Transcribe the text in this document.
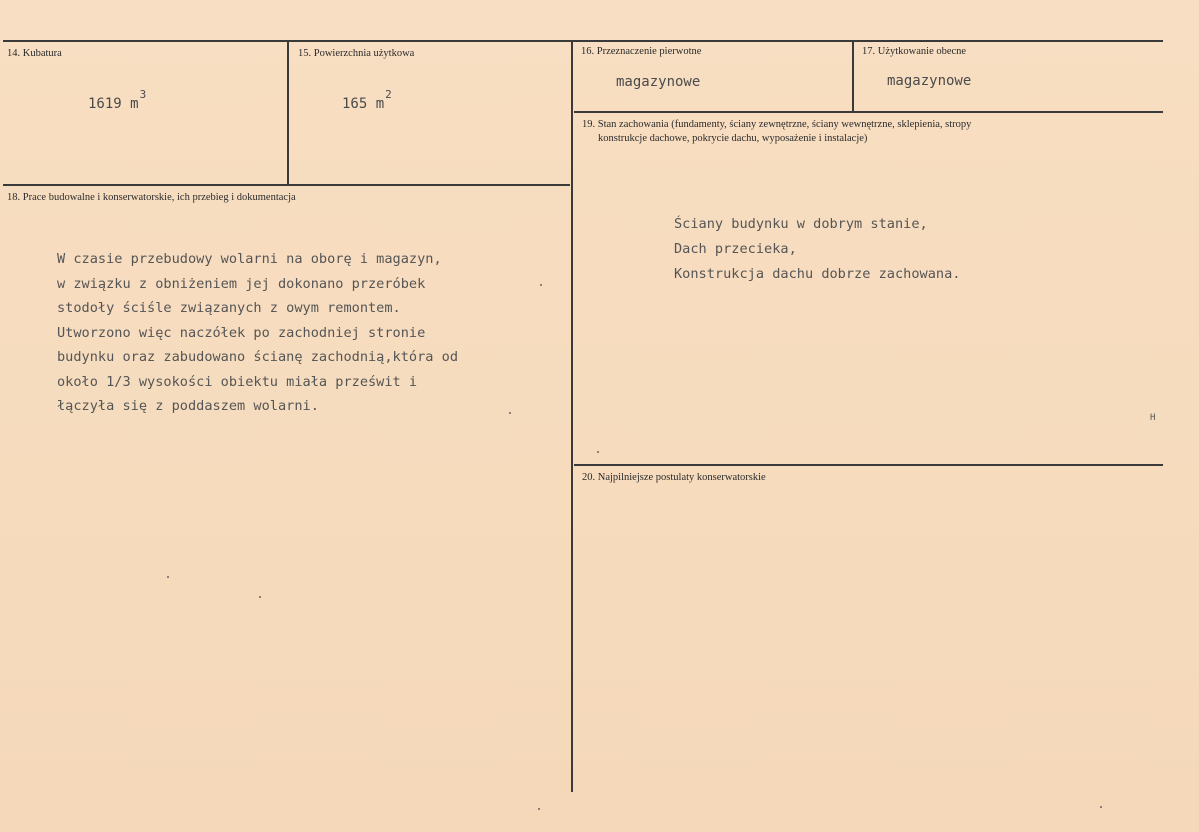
14. Kubatura
1619 $m^3$
15. Powierzchnia użytkowa
165 $m^2$
16. Przeznaczenie pierwotne
magazynowe
17. Użytkowanie obecne
magazynowe
18. Prace budowalne i konserwatorskie, ich przebieg i dokumentacja
W czasie przebudowy wolarni na oborę i magazyn,
w związku z obniżeniem jej dokonano przeróbek
stodoły ściśle związanych z owym remontem.
Utworzono więc naczółek po zachodniej stronie
budynku oraz zabudowano ścianę zachodnią,która od
około 1/3 wysokości obiektu miała prześwit i
łączyła się z poddaszem wolarni.
19. Stan zachowania (fundamenty, ściany zewnętrzne, ściany wewnętrzne, sklepienia, stropy
konstrukcje dachowe, pokrycie dachu, wyposażenie i instalacje)
Ściany budynku w dobrym stanie,
Dach przecieka,
Konstrukcja dachu dobrze zachowana.
20. Najpilniejsze postulaty konserwatorskie
H
